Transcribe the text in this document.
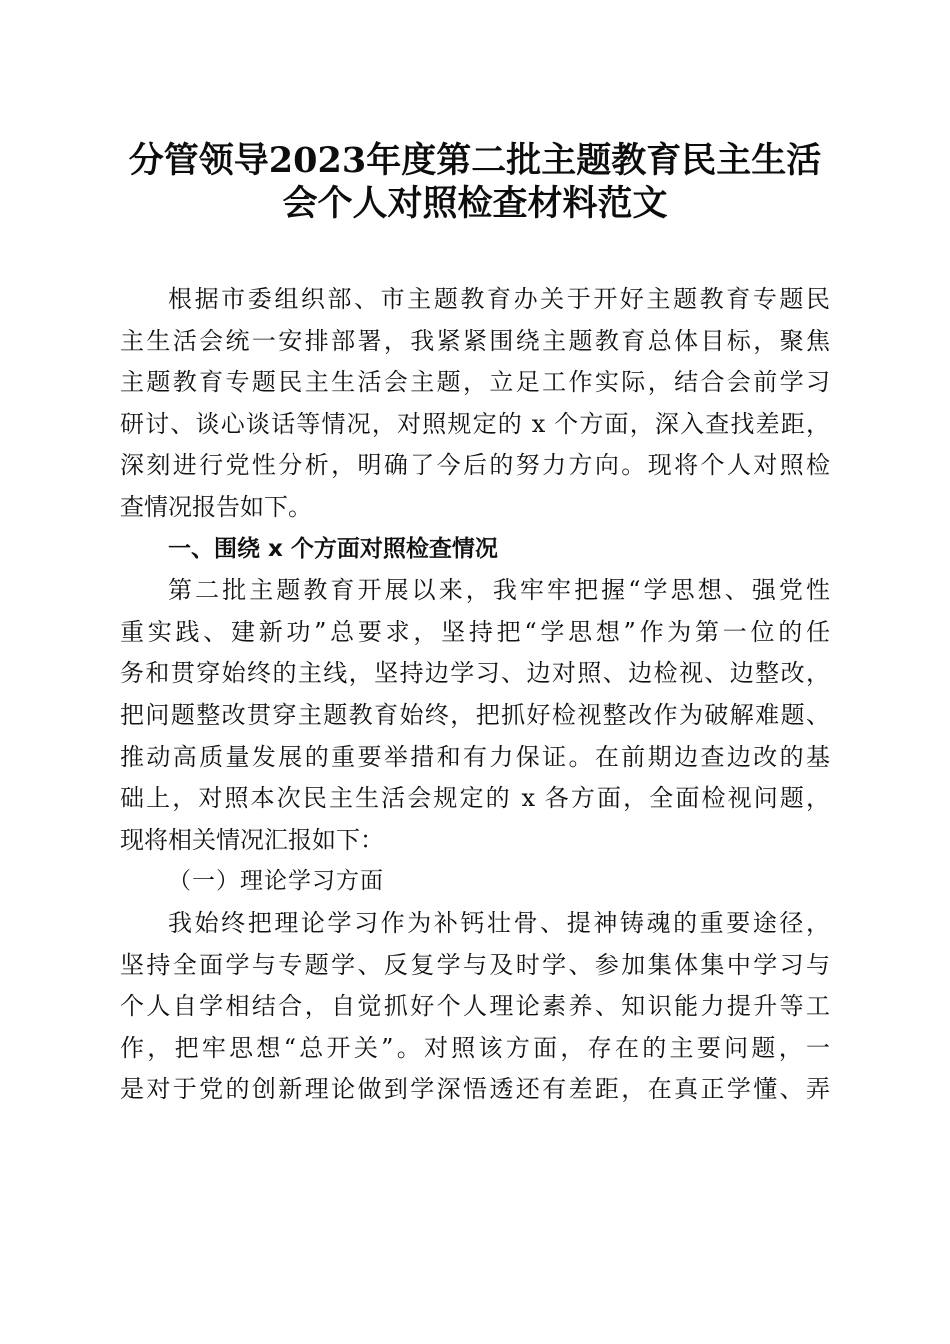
分管领导2023年度第二批主题教育民主生活
会个人对照检查材料范文
根据市委组织部、市主题教育办关于开好主题教育专题民
主生活会统一安排部署，我紧紧围绕主题教育总体目标，聚焦
主题教育专题民主生活会主题，立足工作实际，结合会前学习
研讨、谈心谈话等情况，对照规定的 x 个方面，深入查找差距，
深刻进行党性分析，明确了今后的努力方向。现将个人对照检
查情况报告如下。
一、围绕 x 个方面对照检查情况
第二批主题教育开展以来，我牢牢把握“学思想、强党性
重实践、建新功”总要求，坚持把“学思想”作为第一位的任
务和贯穿始终的主线，坚持边学习、边对照、边检视、边整改，
把问题整改贯穿主题教育始终，把抓好检视整改作为破解难题、
推动高质量发展的重要举措和有力保证。在前期边查边改的基
础上，对照本次民主生活会规定的 x 各方面，全面检视问题，
现将相关情况汇报如下：
（一）理论学习方面
我始终把理论学习作为补钙壮骨、提神铸魂的重要途径，
坚持全面学与专题学、反复学与及时学、参加集体集中学习与
个人自学相结合，自觉抓好个人理论素养、知识能力提升等工
作，把牢思想“总开关”。对照该方面，存在的主要问题，一
是对于党的创新理论做到学深悟透还有差距，在真正学懂、弄
